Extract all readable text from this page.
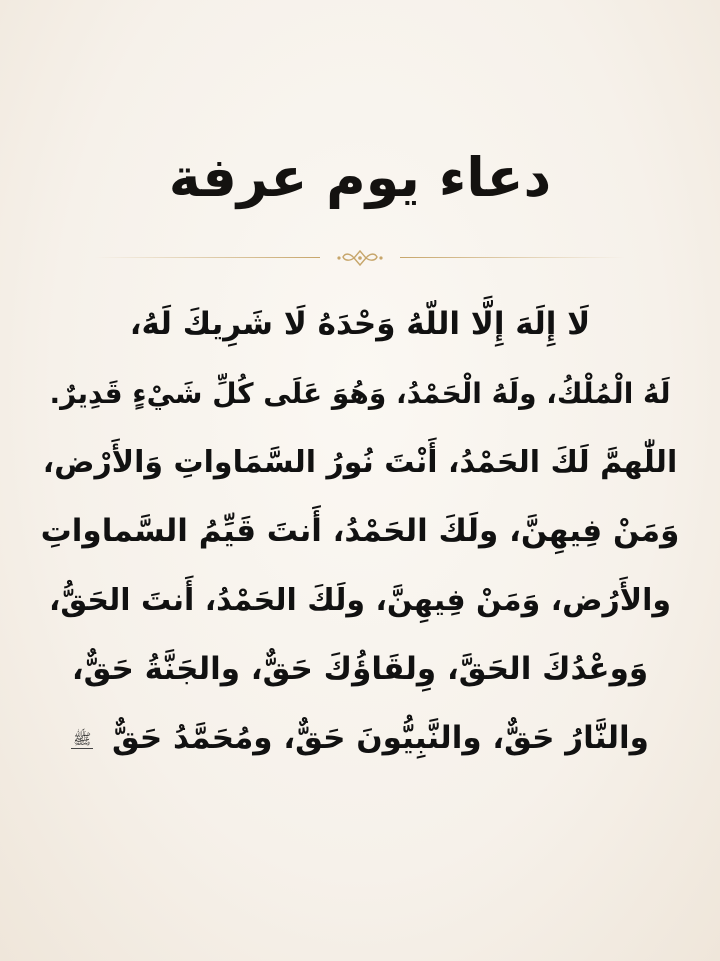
دعاء يوم عرفة
لَا إِلَهَ إِلَّا اللّهُ وَحْدَهُ لَا شَرِيكَ لَهُ،
لَهُ الْمُلْكُ، ولَهُ الْحَمْدُ، وَهُوَ عَلَى كُلِّ شَيْءٍ قَدِيرٌ.
اللّٰهمَّ لَكَ الحَمْدُ، أَنْتَ نُورُ السَّمَاواتِ وَالأَرْض،
وَمَنْ فِيهِنَّ، ولَكَ الحَمْدُ، أَنتَ قَيِّمُ السَّماواتِ
والأَرُض، وَمَنْ فِيهِنَّ، ولَكَ الحَمْدُ، أَنتَ الحَقُّ،
وَوعْدُكَ الحَقَّ، وِلقَاؤُكَ حَقٌّ، والجَنَّةُ حَقٌّ،
والنَّارُ حَقٌّ، والنَّبِيُّونَ حَقٌّ، ومُحَمَّدُ حَقٌّ ﷺ
